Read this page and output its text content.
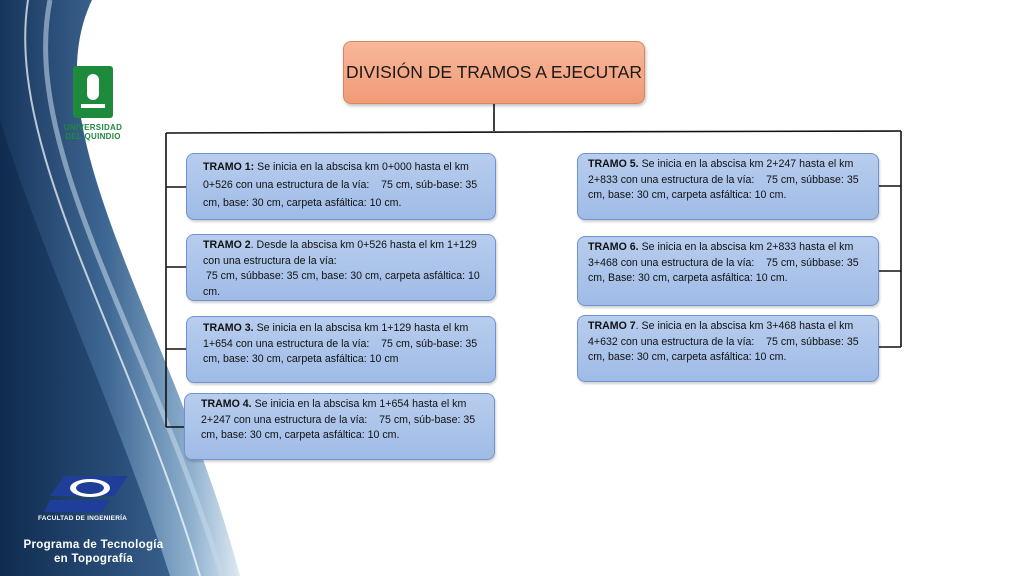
UNIVERSIDAD
DEL QUINDIO
FACULTAD DE INGENIERÍA
Programa de Tecnología
en Topografía
DIVISIÓN DE TRAMOS A EJECUTAR
TRAMO 1: Se inicia en la abscisa km 0+000 hasta el km 0+526 con una estructura de la vía:    75 cm, súb-base: 35 cm, base: 30 cm, carpeta asfáltica: 10 cm.
TRAMO 2. Desde la abscisa km 0+526 hasta el km 1+129 con una estructura de la vía:
75 cm, súbbase: 35 cm, base: 30 cm, carpeta asfáltica: 10 cm.
TRAMO 3. Se inicia en la abscisa km 1+129 hasta el km 1+654 con una estructura de la vía:    75 cm, súb-base: 35 cm, base: 30 cm, carpeta asfáltica: 10 cm
TRAMO 4. Se inicia en la abscisa km 1+654 hasta el km 2+247 con una estructura de la vía:    75 cm, súb-base: 35 cm, base: 30 cm, carpeta asfáltica: 10 cm.
TRAMO 5. Se inicia en la abscisa km 2+247 hasta el km 2+833 con una estructura de la vía:    75 cm, súbbase: 35 cm, base: 30 cm, carpeta asfáltica: 10 cm.
TRAMO 6. Se inicia en la abscisa km 2+833 hasta el km 3+468 con una estructura de la vía:    75 cm, súbbase: 35 cm, Base: 30 cm, carpeta asfáltica: 10 cm.
TRAMO 7. Se inicia en la abscisa km 3+468 hasta el km 4+632 con una estructura de la vía:    75 cm, súbbase: 35 cm, base: 30 cm, carpeta asfáltica: 10 cm.
